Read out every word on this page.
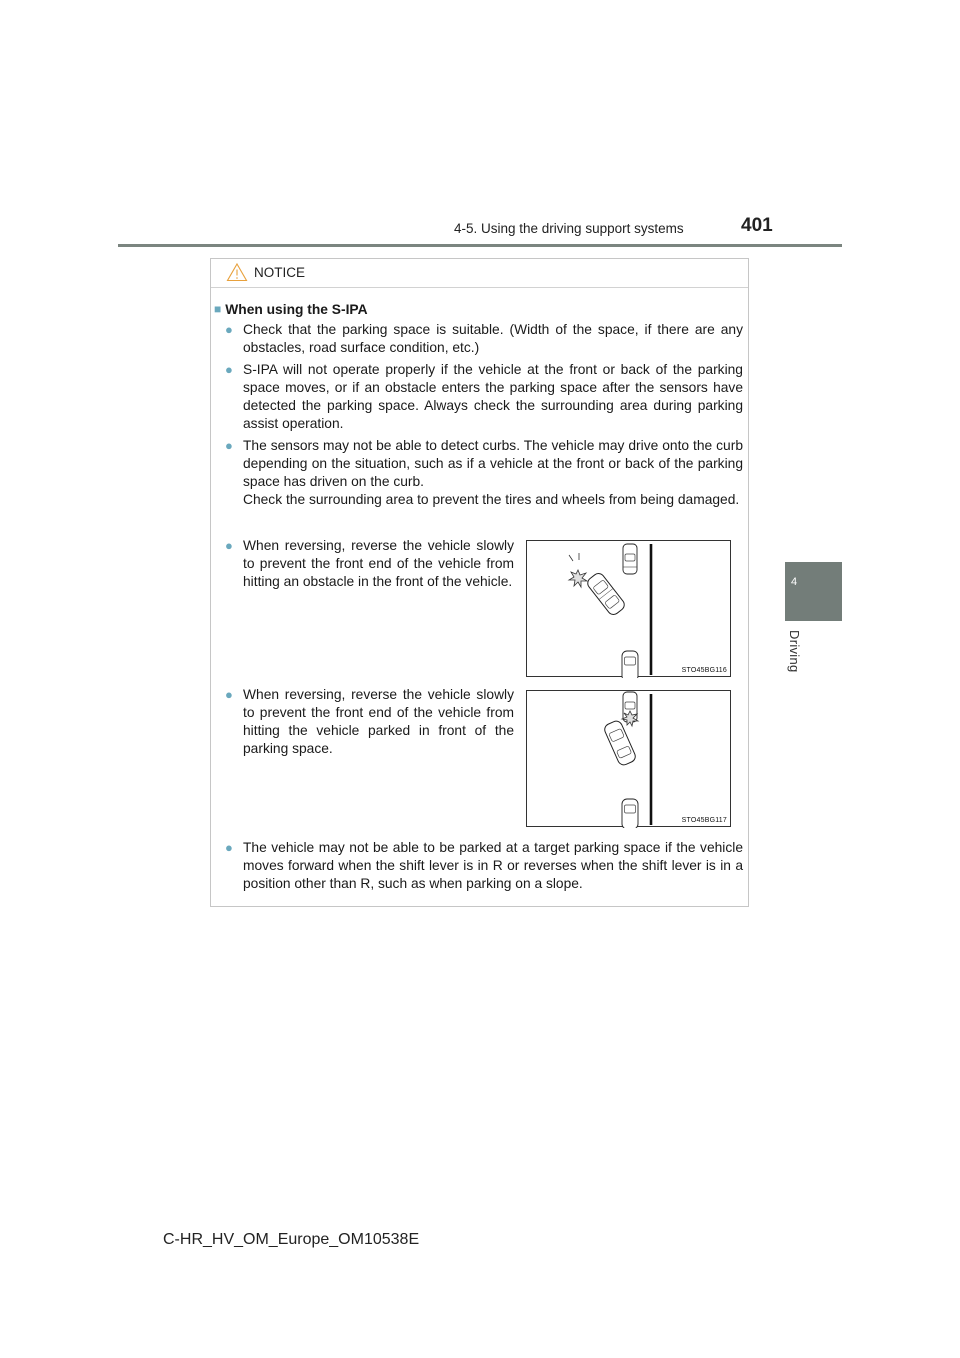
4-5. Using the driving support systems	401
4
Driving
NOTICE
■ When using the S-IPA
● Check that the parking space is suitable. (Width of the space, if there are any obstacles, road surface condition, etc.)
● S-IPA will not operate properly if the vehicle at the front or back of the parking space moves, or if an obstacle enters the parking space after the sensors have detected the parking space. Always check the surrounding area during parking assist operation.
● The sensors may not be able to detect curbs. The vehicle may drive onto the curb depending on the situation, such as if a vehicle at the front or back of the parking space has driven on the curb.
Check the surrounding area to prevent the tires and wheels from being damaged.
● When reversing, reverse the vehicle slowly to prevent the front end of the vehicle from hitting an obstacle in the front of the vehicle.
STO45BG116
● When reversing, reverse the vehicle slowly to prevent the front end of the vehicle from hitting the vehicle parked in front of the parking space.
STO45BG117
● The vehicle may not be able to be parked at a target parking space if the vehicle moves forward when the shift lever is in R or reverses when the shift lever is in a position other than R, such as when parking on a slope.
C-HR_HV_OM_Europe_OM10538E
